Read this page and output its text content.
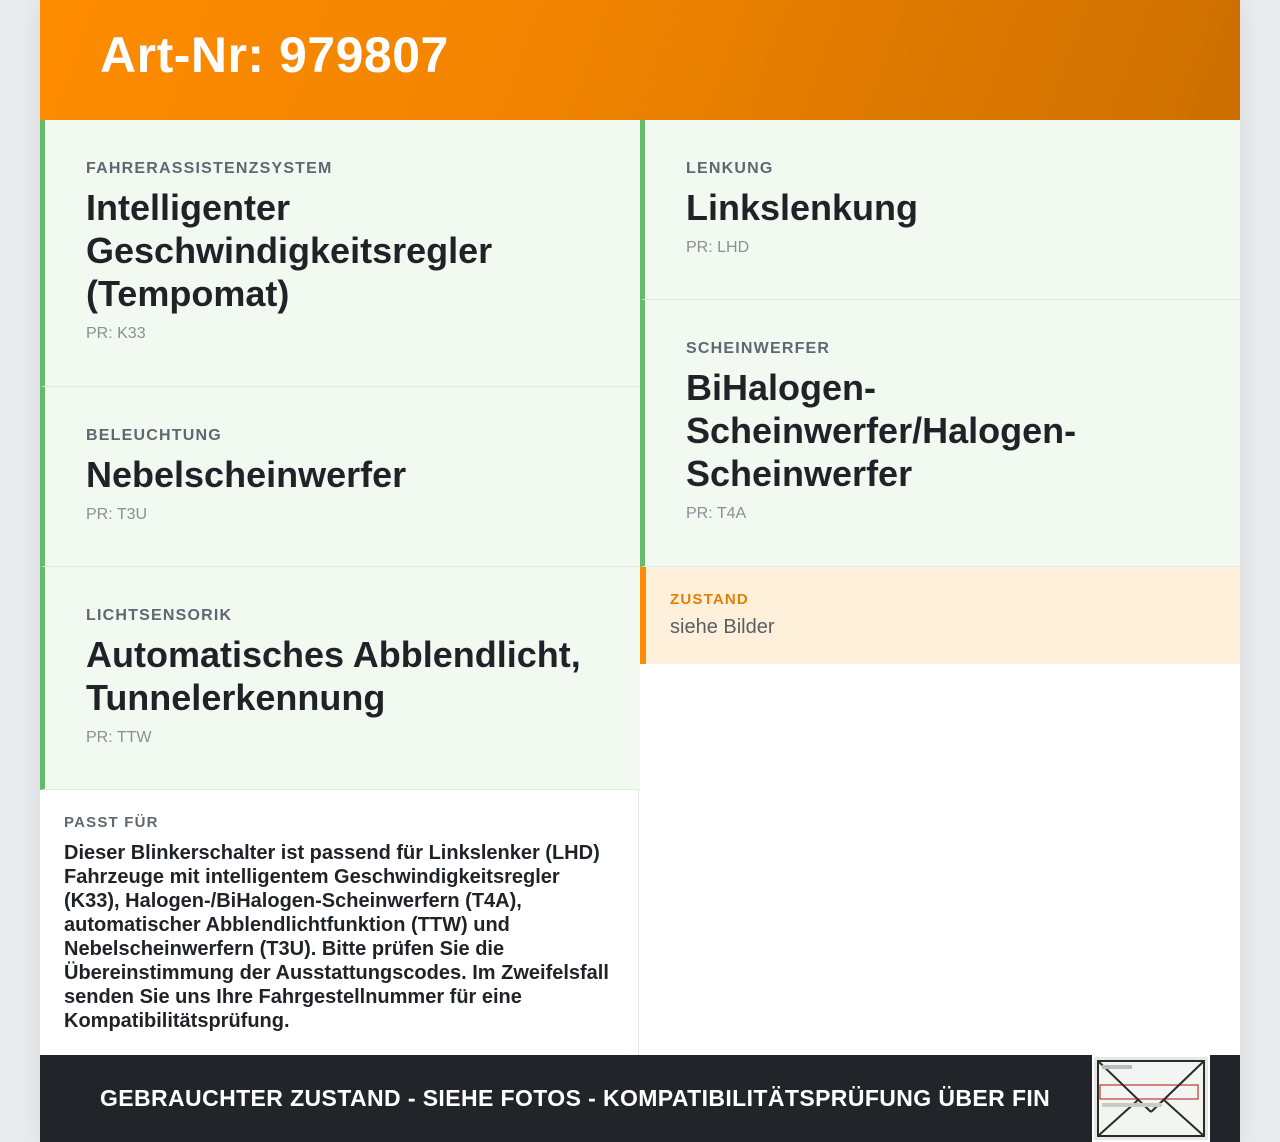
Art-Nr: 979807
FAHRERASSISTENZSYSTEM
Intelligenter Geschwindigkeitsregler (Tempomat)
PR: K33
BELEUCHTUNG
Nebelscheinwerfer
PR: T3U
LICHTSENSORIK
Automatisches Abblendlicht, Tunnelerkennung
PR: TTW
LENKUNG
Linkslenkung
PR: LHD
SCHEINWERFER
BiHalogen-Scheinwerfer/Halogen-Scheinwerfer
PR: T4A
ZUSTAND
siehe Bilder
PASST FÜR
Dieser Blinkerschalter ist passend für Linkslenker (LHD) Fahrzeuge mit intelligentem Geschwindigkeitsregler (K33), Halogen-/BiHalogen-Scheinwerfern (T4A), automatischer Abblendlichtfunktion (TTW) und Nebelscheinwerfern (T3U). Bitte prüfen Sie die Übereinstimmung der Ausstattungscodes. Im Zweifelsfall senden Sie uns Ihre Fahrgestellnummer für eine Kompatibilitätsprüfung.
GEBRAUCHTER ZUSTAND - SIEHE FOTOS - KOMPATIBILITÄTSPRÜFUNG ÜBER FIN
